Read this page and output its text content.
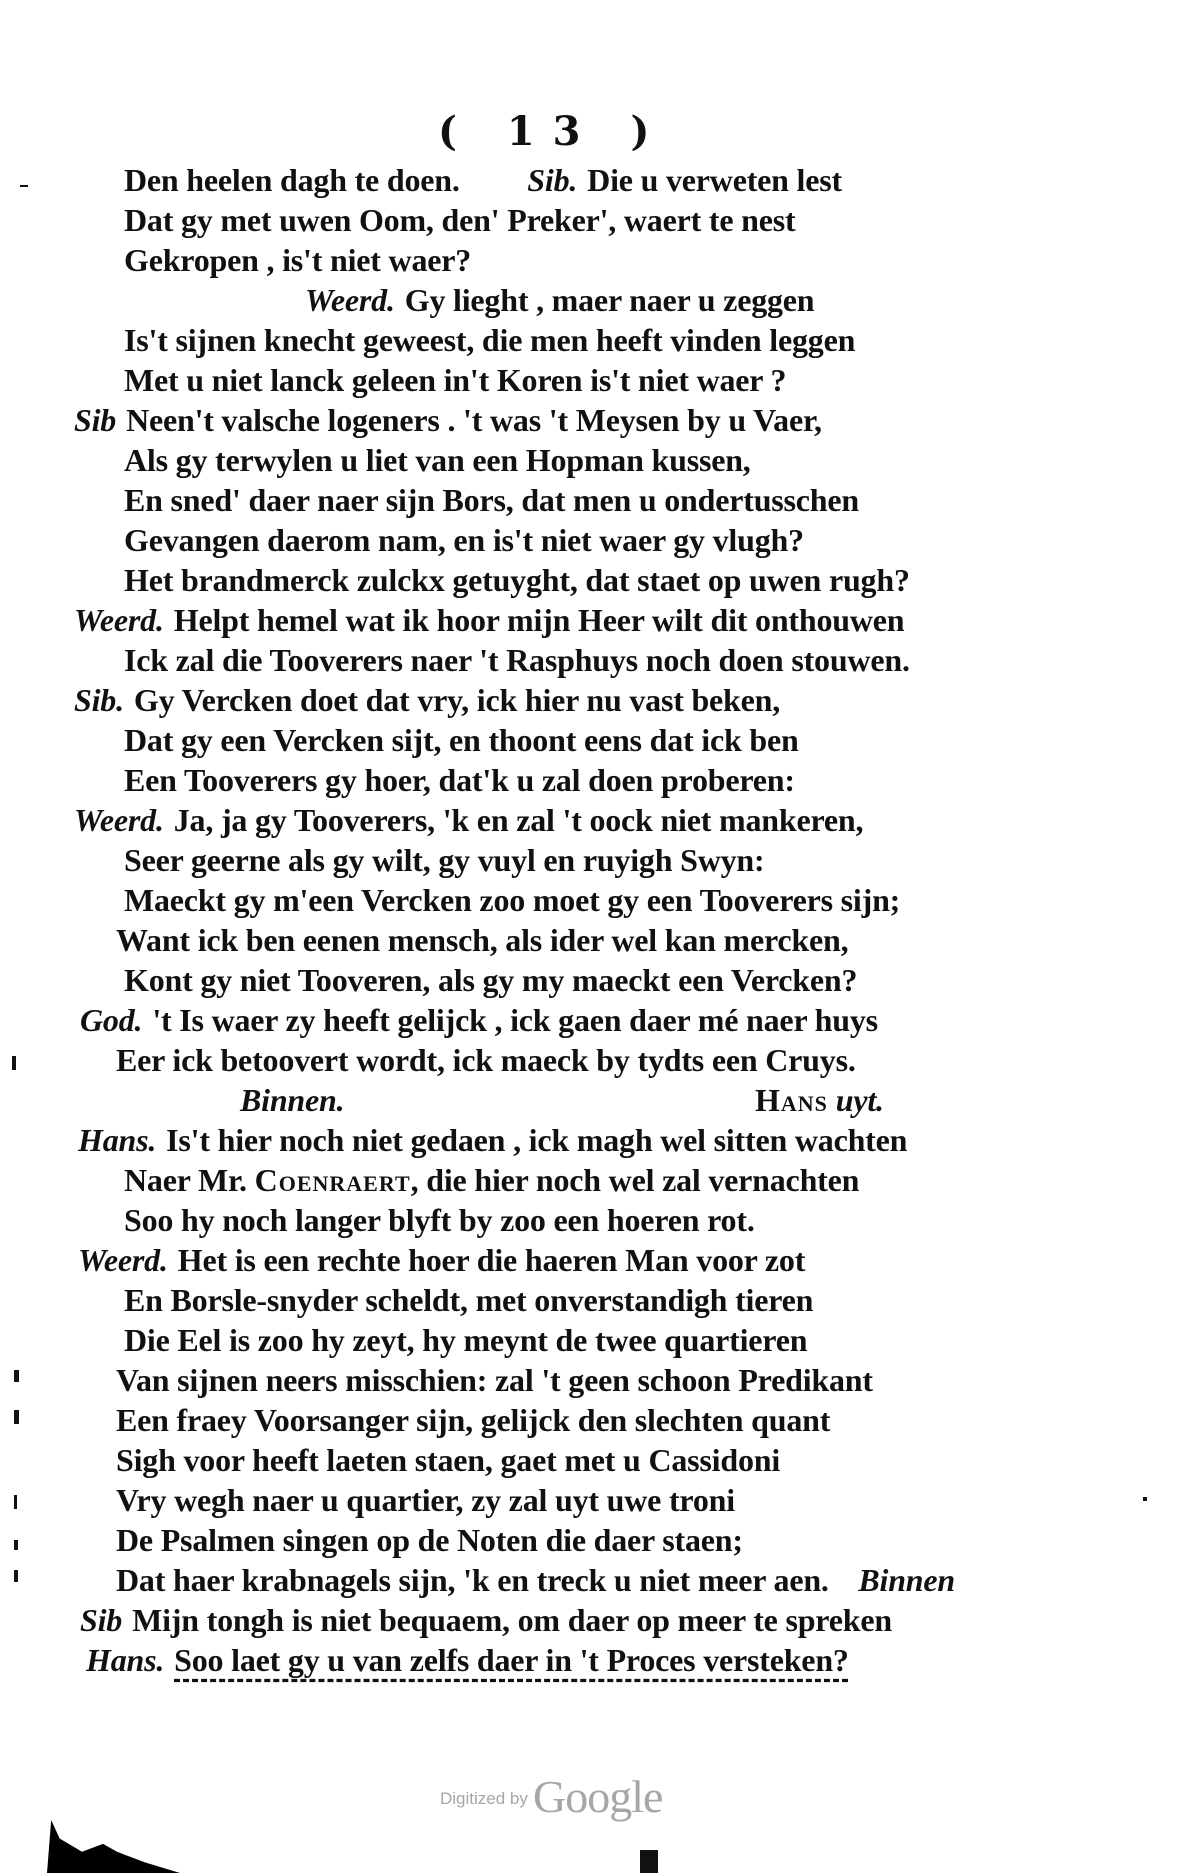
( 13 )
Den heelen dagh te doen. Sib. Die u verweten lest
Dat gy met uwen Oom, den' Preker', waert te nest
Gekropen , is't niet waer?
Weerd. Gy lieght , maer naer u zeggen
Is't sijnen knecht geweest, die men heeft vinden leggen
Met u niet lanck geleen in't Koren is't niet waer ?
Sib Neen't valsche logeners . 't was 't Meysen by u Vaer,
Als gy terwylen u liet van een Hopman kussen,
En sned' daer naer sijn Bors, dat men u ondertusschen
Gevangen daerom nam, en is't niet waer gy vlugh?
Het brandmerck zulckx getuyght, dat staet op uwen rugh?
Weerd. Helpt hemel wat ik hoor mijn Heer wilt dit onthouwen
Ick zal die Tooverers naer 't Rasphuys noch doen stouwen.
Sib. Gy Vercken doet dat vry, ick hier nu vast beken,
Dat gy een Vercken sijt, en thoont eens dat ick ben
Een Tooverers gy hoer, dat'k u zal doen proberen:
Weerd. Ja, ja gy Tooverers, 'k en zal 't oock niet mankeren,
Seer geerne als gy wilt, gy vuyl en ruyigh Swyn:
Maeckt gy m'een Vercken zoo moet gy een Tooverers sijn;
Want ick ben eenen mensch, als ider wel kan mercken,
Kont gy niet Tooveren, als gy my maeckt een Vercken?
God. 't Is waer zy heeft gelijck , ick gaen daer mé naer huys
Eer ick betoovert wordt, ick maeck by tydts een Cruys.
Binnen.	Hans uyt.
Hans. Is't hier noch niet gedaen , ick magh wel sitten wachten
Naer Mr. Coenraert, die hier noch wel zal vernachten
Soo hy noch langer blyft by zoo een hoeren rot.
Weerd. Het is een rechte hoer die haeren Man voor zot
En Borsle-snyder scheldt, met onverstandigh tieren
Die Eel is zoo hy zeyt, hy meynt de twee quartieren
Van sijnen neers misschien: zal 't geen schoon Predikant
Een fraey Voorsanger sijn, gelijck den slechten quant
Sigh voor heeft laeten staen, gaet met u Cassidoni
Vry wegh naer u quartier, zy zal uyt uwe troni
De Psalmen singen op de Noten die daer staen;
Dat haer krabnagels sijn, 'k en treck u niet meer aen. Binnen
Sib Mijn tongh is niet bequaem, om daer op meer te spreken
Hans. Soo laet gy u van zelfs daer in 't Proces versteken?
Digitized by Google
